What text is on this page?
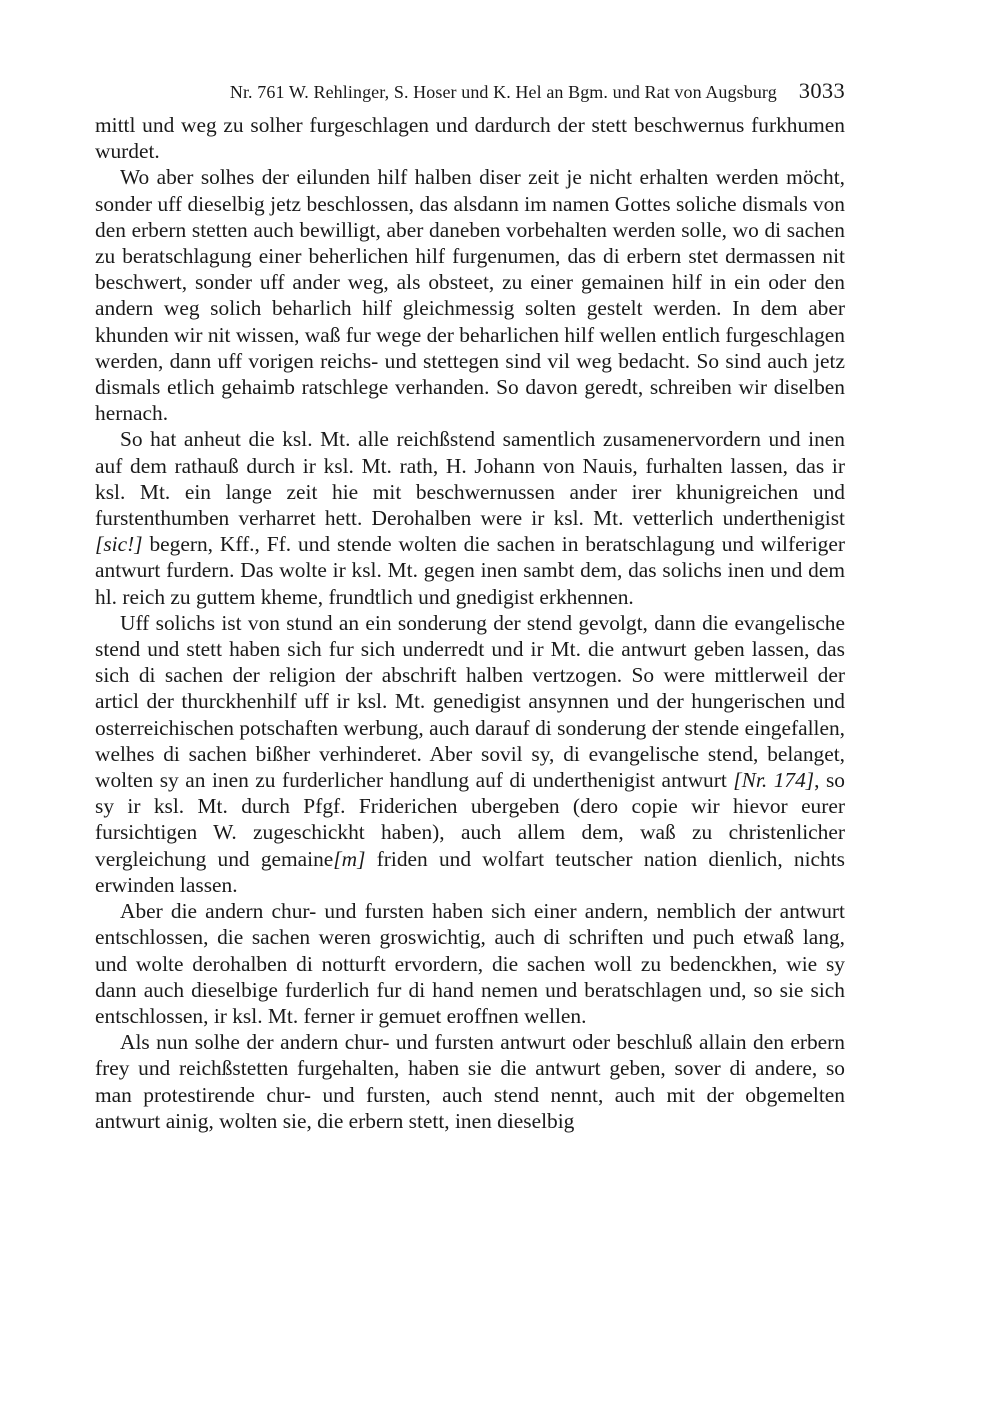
Nr. 761 W. Rehlinger, S. Hoser und K. Hel an Bgm. und Rat von Augsburg 3033

mittl und weg zu solher furgeschlagen und dardurch der stett beschwernus furkhumen wurdet.

Wo aber solhes der eilunden hilf halben diser zeit je nicht erhalten werden möcht, sonder uff dieselbig jetz beschlossen, das alsdann im namen Gottes soliche dismals von den erbern stetten auch bewilligt, aber daneben vorbehalten werden solle, wo di sachen zu beratschlagung einer beherlichen hilf furgenumen, das di erbern stet dermassen nit beschwert, sonder uff ander weg, als obsteet, zu einer gemainen hilf in ein oder den andern weg solich beharlich hilf gleichmessig solten gestelt werden. In dem aber khunden wir nit wissen, waß fur wege der beharlichen hilf wellen entlich furgeschlagen werden, dann uff vorigen reichs- und stettegen sind vil weg bedacht. So sind auch jetz dismals etlich gehaimb ratschlege verhanden. So davon geredt, schreiben wir diselben hernach.

So hat anheut die ksl. Mt. alle reichßstend samentlich zusamenervordern und inen auf dem rathauß durch ir ksl. Mt. rath, H. Johann von Nauis, furhalten lassen, das ir ksl. Mt. ein lange zeit hie mit beschwernussen ander irer khunigreichen und furstenthumben verharret hett. Derohalben were ir ksl. Mt. vetterlich underthenigist [sic!] begern, Kff., Ff. und stende wolten die sachen in beratschlagung und wilferiger antwurt furdern. Das wolte ir ksl. Mt. gegen inen sambt dem, das solichs inen und dem hl. reich zu guttem kheme, frundtlich und gnedigist erkhennen.

Uff solichs ist von stund an ein sonderung der stend gevolgt, dann die evangelische stend und stett haben sich fur sich underredt und ir Mt. die antwurt geben lassen, das sich di sachen der religion der abschrift halben vertzogen. So were mittlerweil der articl der thurckhenhilf uff ir ksl. Mt. genedigist ansynnen und der hungerischen und osterreichischen potschaften werbung, auch darauf di sonderung der stende eingefallen, welhes di sachen bißher verhinderet. Aber sovil sy, di evangelische stend, belanget, wolten sy an inen zu furderlicher handlung auf di underthenigist antwurt [Nr. 174], so sy ir ksl. Mt. durch Pfgf. Friderichen ubergeben (dero copie wir hievor eurer fursichtigen W. zugeschickht haben), auch allem dem, waß zu christenlicher vergleichung und gemaine[m] friden und wolfart teutscher nation dienlich, nichts erwinden lassen.

Aber die andern chur- und fursten haben sich einer andern, nemblich der antwurt entschlossen, die sachen weren groswichtig, auch di schriften und puch etwaß lang, und wolte derohalben di notturft ervordern, die sachen woll zu bedenckhen, wie sy dann auch dieselbige furderlich fur di hand nemen und beratschlagen und, so sie sich entschlossen, ir ksl. Mt. ferner ir gemuet eroffnen wellen.

Als nun solhe der andern chur- und fursten antwurt oder beschluß allain den erbern frey und reichßstetten furgehalten, haben sie die antwurt geben, sover di andere, so man protestirende chur- und fursten, auch stend nennt, auch mit der obgemelten antwurt ainig, wolten sie, die erbern stett, inen dieselbig
